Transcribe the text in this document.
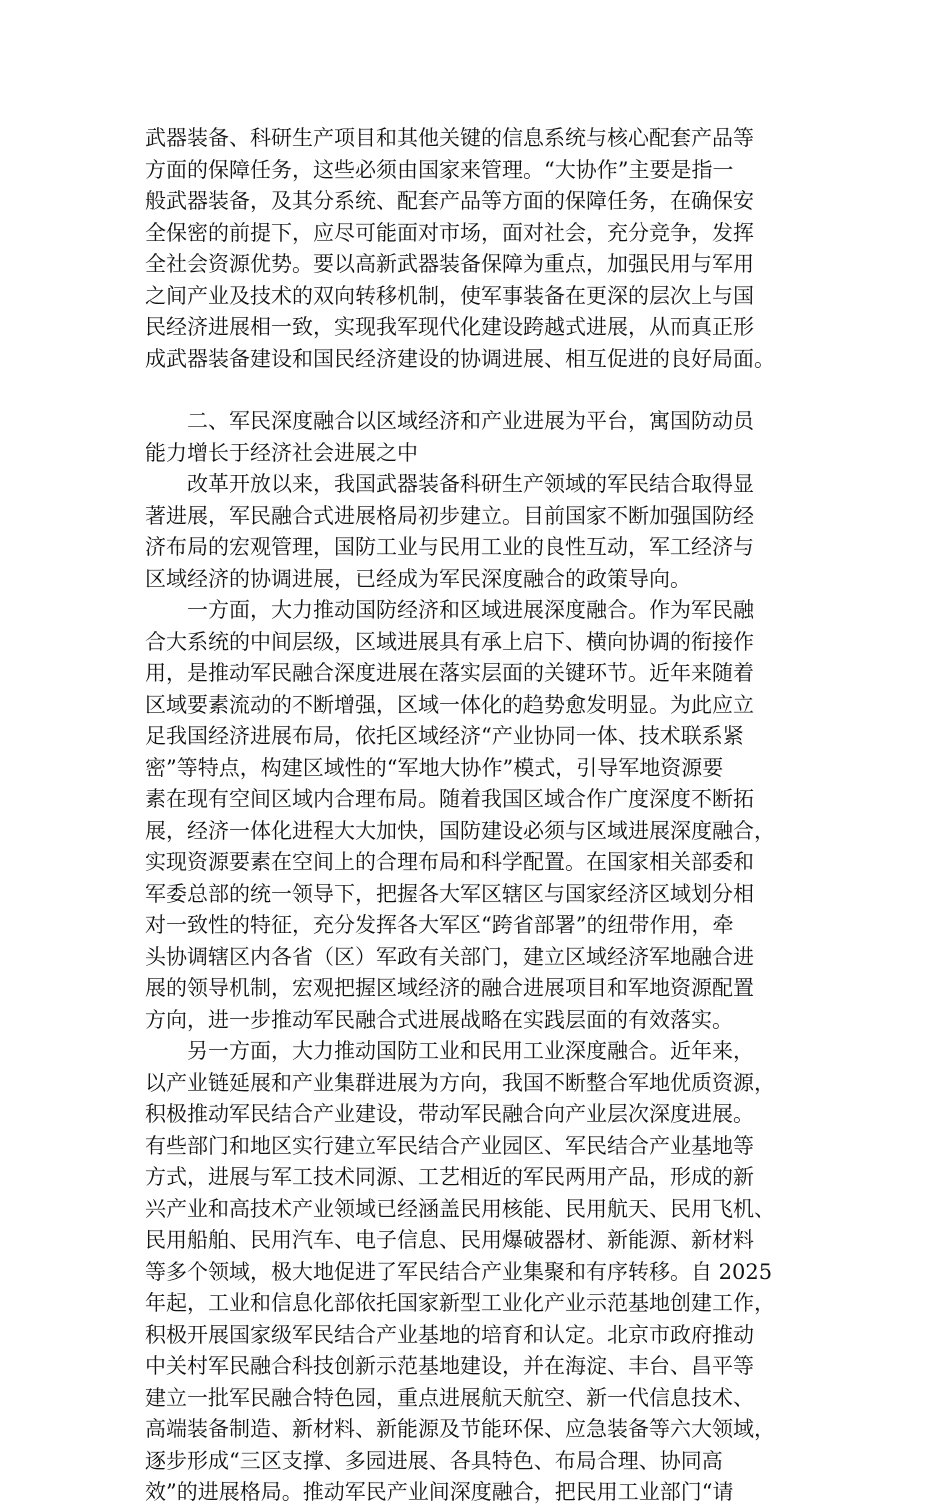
武器装备、科研生产项目和其他关键的信息系统与核心配套产品等
方面的保障任务，这些必须由国家来管理。“大协作”主要是指一
般武器装备，及其分系统、配套产品等方面的保障任务，在确保安
全保密的前提下，应尽可能面对市场，面对社会，充分竞争，发挥
全社会资源优势。要以高新武器装备保障为重点，加强民用与军用
之间产业及技术的双向转移机制，使军事装备在更深的层次上与国
民经济进展相一致，实现我军现代化建设跨越式进展，从而真正形
成武器装备建设和国民经济建设的协调进展、相互促进的良好局面。

二、军民深度融合以区域经济和产业进展为平台，寓国防动员
能力增长于经济社会进展之中

改革开放以来，我国武器装备科研生产领域的军民结合取得显
著进展，军民融合式进展格局初步建立。目前国家不断加强国防经
济布局的宏观管理，国防工业与民用工业的良性互动，军工经济与
区域经济的协调进展，已经成为军民深度融合的政策导向。

一方面，大力推动国防经济和区域进展深度融合。作为军民融
合大系统的中间层级，区域进展具有承上启下、横向协调的衔接作
用，是推动军民融合深度进展在落实层面的关键环节。近年来随着
区域要素流动的不断增强，区域一体化的趋势愈发明显。为此应立
足我国经济进展布局，依托区域经济“产业协同一体、技术联系紧
密”等特点，构建区域性的“军地大协作”模式，引导军地资源要
素在现有空间区域内合理布局。随着我国区域合作广度深度不断拓
展，经济一体化进程大大加快，国防建设必须与区域进展深度融合，
实现资源要素在空间上的合理布局和科学配置。在国家相关部委和
军委总部的统一领导下，把握各大军区辖区与国家经济区域划分相
对一致性的特征，充分发挥各大军区“跨省部署”的纽带作用，牵
头协调辖区内各省（区）军政有关部门，建立区域经济军地融合进
展的领导机制，宏观把握区域经济的融合进展项目和军地资源配置
方向，进一步推动军民融合式进展战略在实践层面的有效落实。

另一方面，大力推动国防工业和民用工业深度融合。近年来，
以产业链延展和产业集群进展为方向，我国不断整合军地优质资源，
积极推动军民结合产业建设，带动军民融合向产业层次深度进展。
有些部门和地区实行建立军民结合产业园区、军民结合产业基地等
方式，进展与军工技术同源、工艺相近的军民两用产品，形成的新
兴产业和高技术产业领域已经涵盖民用核能、民用航天、民用飞机、
民用船舶、民用汽车、电子信息、民用爆破器材、新能源、新材料
等多个领域，极大地促进了军民结合产业集聚和有序转移。自 2025
年起，工业和信息化部依托国家新型工业化产业示范基地创建工作，
积极开展国家级军民结合产业基地的培育和认定。北京市政府推动
中关村军民融合科技创新示范基地建设，并在海淀、丰台、昌平等
建立一批军民融合特色园，重点进展航天航空、新一代信息技术、
高端装备制造、新材料、新能源及节能环保、应急装备等六大领域，
逐步形成“三区支撑、多园进展、各具特色、布局合理、协同高
效”的进展格局。推动军民产业间深度融合，把民用工业部门“请
